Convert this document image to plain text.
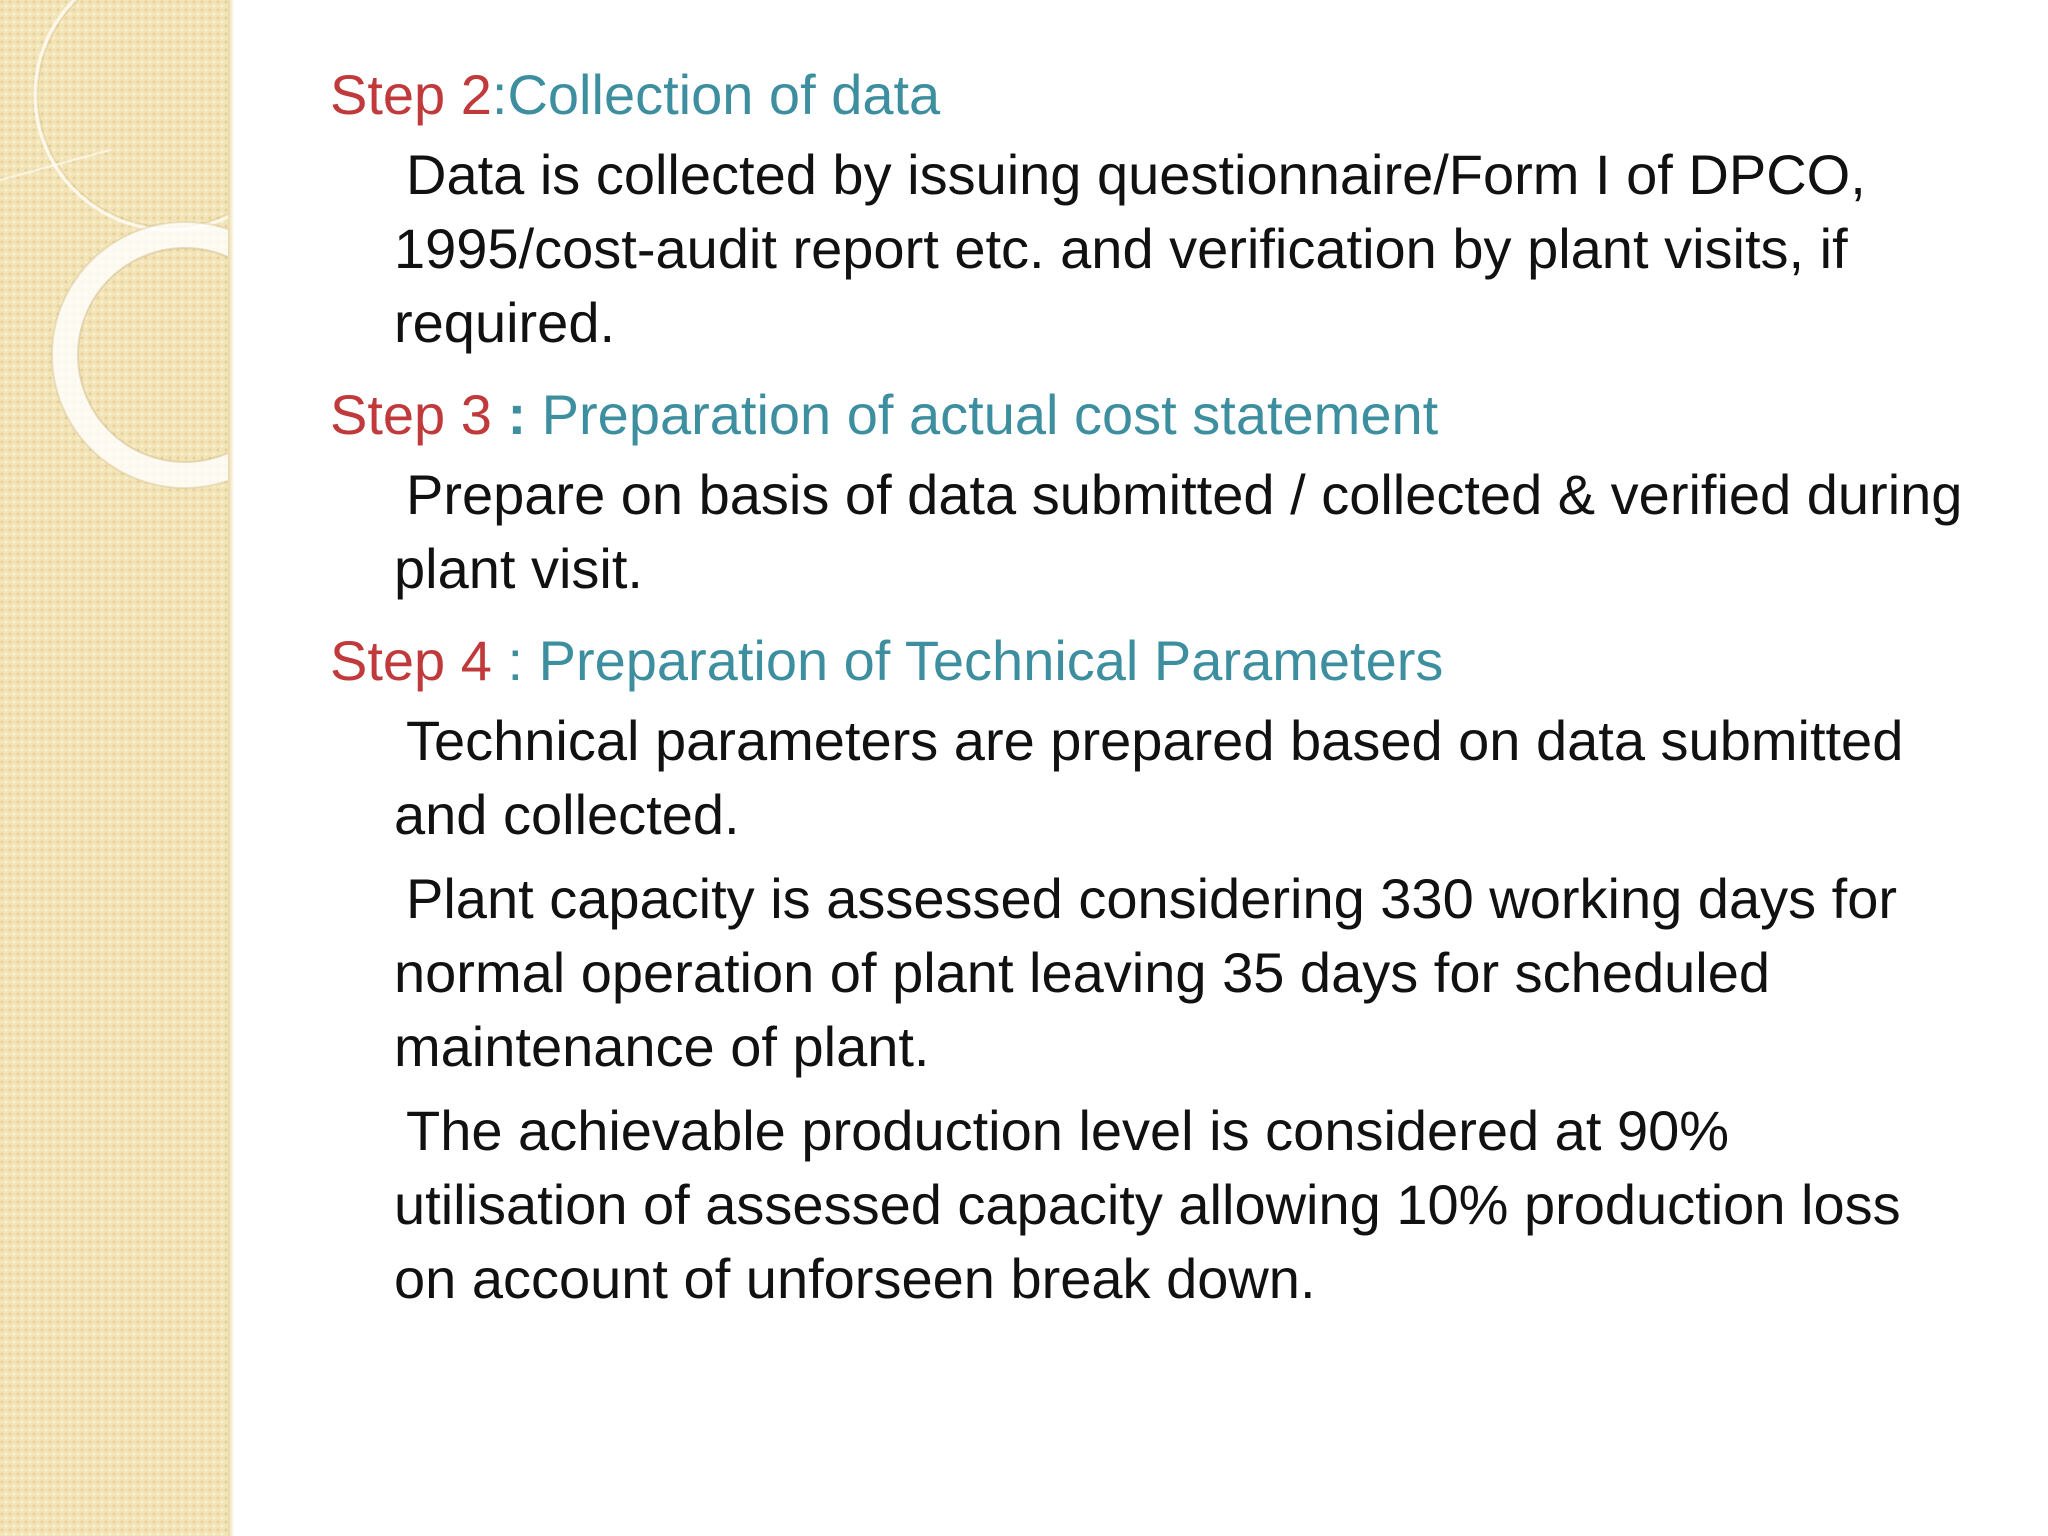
Step 2:Collection of data

Data is collected by issuing questionnaire/Form I of DPCO, 1995/cost-audit report etc. and verification by plant visits, if required.

Step 3 : Preparation of actual cost statement

Prepare on basis of data submitted / collected & verified during plant visit.

Step 4 : Preparation of Technical Parameters

Technical parameters are prepared based on data submitted and collected.

Plant capacity is assessed considering 330 working days for normal operation of plant leaving 35 days for scheduled maintenance of plant.

The achievable production level is considered at 90% utilisation of assessed capacity allowing 10% production loss on account of unforseen break down.
